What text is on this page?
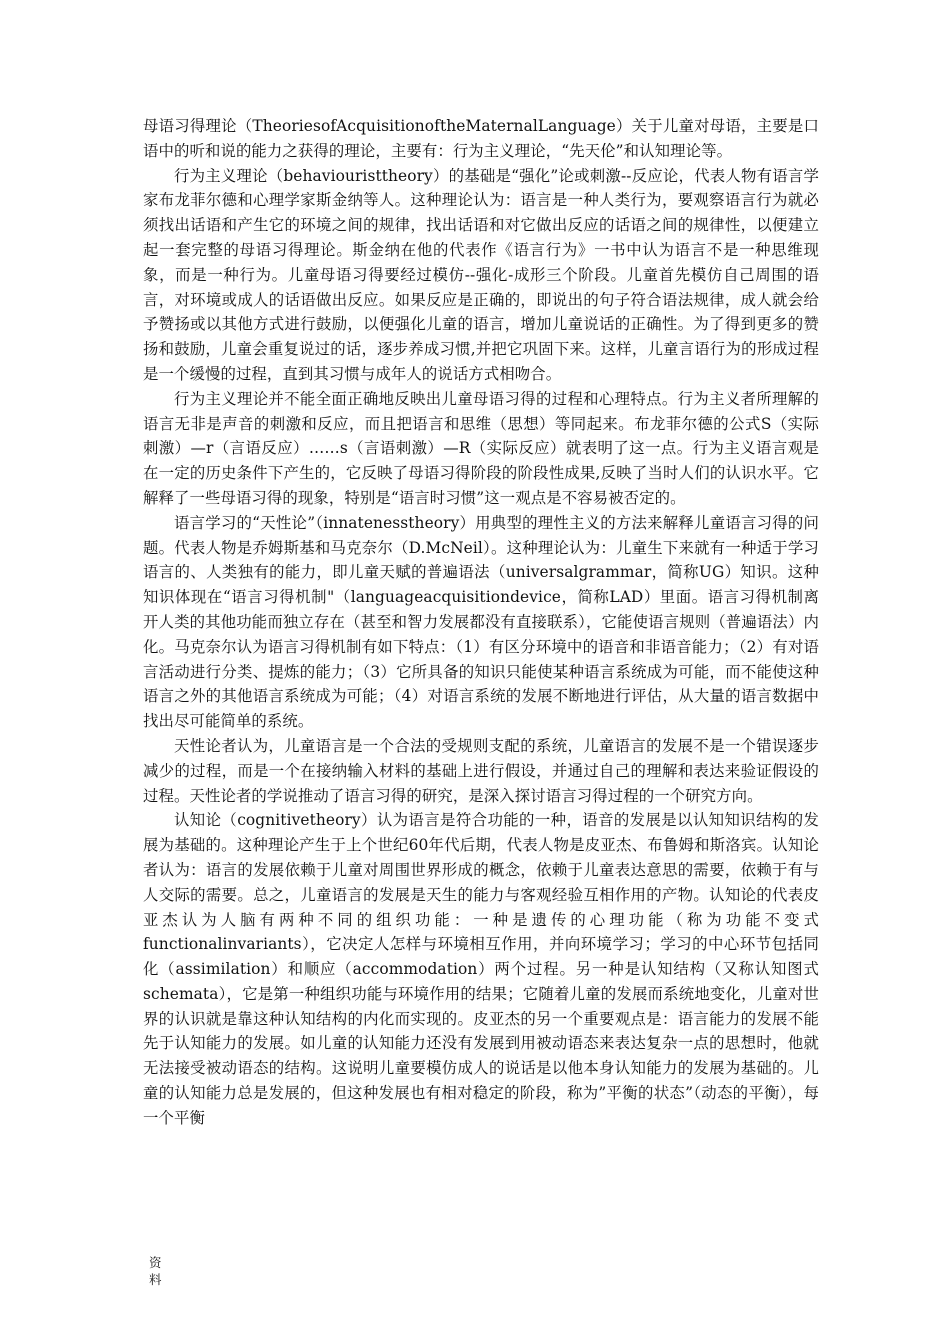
母语习得理论（TheoriesofAcquisitionoftheMaternalLanguage）关于儿童对母语，主要是口语中的听和说的能力之获得的理论，主要有：行为主义理论，“先天伦”和认知理论等。

行为主义理论（behaviouristtheory）的基础是“强化”论或刺激--反应论，代表人物有语言学家布龙菲尔德和心理学家斯金纳等人。这种理论认为：语言是一种人类行为，要观察语言行为就必须找出话语和产生它的环境之间的规律，找出话语和对它做出反应的话语之间的规律性，以便建立起一套完整的母语习得理论。斯金纳在他的代表作《语言行为》一书中认为语言不是一种思维现象，而是一种行为。儿童母语习得要经过模仿--强化-成形三个阶段。儿童首先模仿自己周围的语言，对环境或成人的话语做出反应。如果反应是正确的，即说出的句子符合语法规律，成人就会给予赞扬或以其他方式进行鼓励，以便强化儿童的语言，增加儿童说话的正确性。为了得到更多的赞扬和鼓励，儿童会重复说过的话，逐步养成习惯,并把它巩固下来。这样，儿童言语行为的形成过程是一个缓慢的过程，直到其习惯与成年人的说话方式相吻合。

行为主义理论并不能全面正确地反映出儿童母语习得的过程和心理特点。行为主义者所理解的语言无非是声音的刺激和反应，而且把语言和思维（思想）等同起来。布龙菲尔德的公式S（实际刺激）—r（言语反应）……s（言语刺激）—R（实际反应）就表明了这一点。行为主义语言观是在一定的历史条件下产生的，它反映了母语习得阶段的阶段性成果,反映了当时人们的认识水平。它解释了一些母语习得的现象，特别是“语言时习惯”这一观点是不容易被否定的。

语言学习的“天性论”（innatenesstheory）用典型的理性主义的方法来解释儿童语言习得的问题。代表人物是乔姆斯基和马克奈尔（D.McNeil）。这种理论认为：儿童生下来就有一种适于学习语言的、人类独有的能力，即儿童天赋的普遍语法（universalgrammar，简称UG）知识。这种知识体现在“语言习得机制"（languageacquisitiondevice，简称LAD）里面。语言习得机制离开人类的其他功能而独立存在（甚至和智力发展都没有直接联系），它能使语言规则（普遍语法）内化。马克奈尔认为语言习得机制有如下特点：（1）有区分环境中的语音和非语音能力；（2）有对语言活动进行分类、提炼的能力；（3）它所具备的知识只能使某种语言系统成为可能，而不能使这种语言之外的其他语言系统成为可能；（4）对语言系统的发展不断地进行评估，从大量的语言数据中找出尽可能简单的系统。

天性论者认为，儿童语言是一个合法的受规则支配的系统，儿童语言的发展不是一个错误逐步减少的过程，而是一个在接纳输入材料的基础上进行假设，并通过自己的理解和表达来验证假设的过程。天性论者的学说推动了语言习得的研究，是深入探讨语言习得过程的一个研究方向。

认知论（cognitivetheory）认为语言是符合功能的一种，语音的发展是以认知知识结构的发展为基础的。这种理论产生于上个世纪60年代后期，代表人物是皮亚杰、布鲁姆和斯洛宾。认知论者认为：语言的发展依赖于儿童对周围世界形成的概念，依赖于儿童表达意思的需要，依赖于有与人交际的需要。总之，儿童语言的发展是天生的能力与客观经验互相作用的产物。认知论的代表皮亚杰认为人脑有两种不同的组织功能：一种是遗传的心理功能（称为功能不变式functionalinvariants），它决定人怎样与环境相互作用，并向环境学习；学习的中心环节包括同化（assimilation）和顺应（accommodation）两个过程。另一种是认知结构（又称认知图式schemata），它是第一种组织功能与环境作用的结果；它随着儿童的发展而系统地变化，儿童对世界的认识就是靠这种认知结构的内化而实现的。皮亚杰的另一个重要观点是：语言能力的发展不能先于认知能力的发展。如儿童的认知能力还没有发展到用被动语态来表达复杂一点的思想时，他就无法接受被动语态的结构。这说明儿童要模仿成人的说话是以他本身认知能力的发展为基础的。儿童的认知能力总是发展的，但这种发展也有相对稳定的阶段，称为”平衡的状态”（动态的平衡），每一个平衡

资
料
